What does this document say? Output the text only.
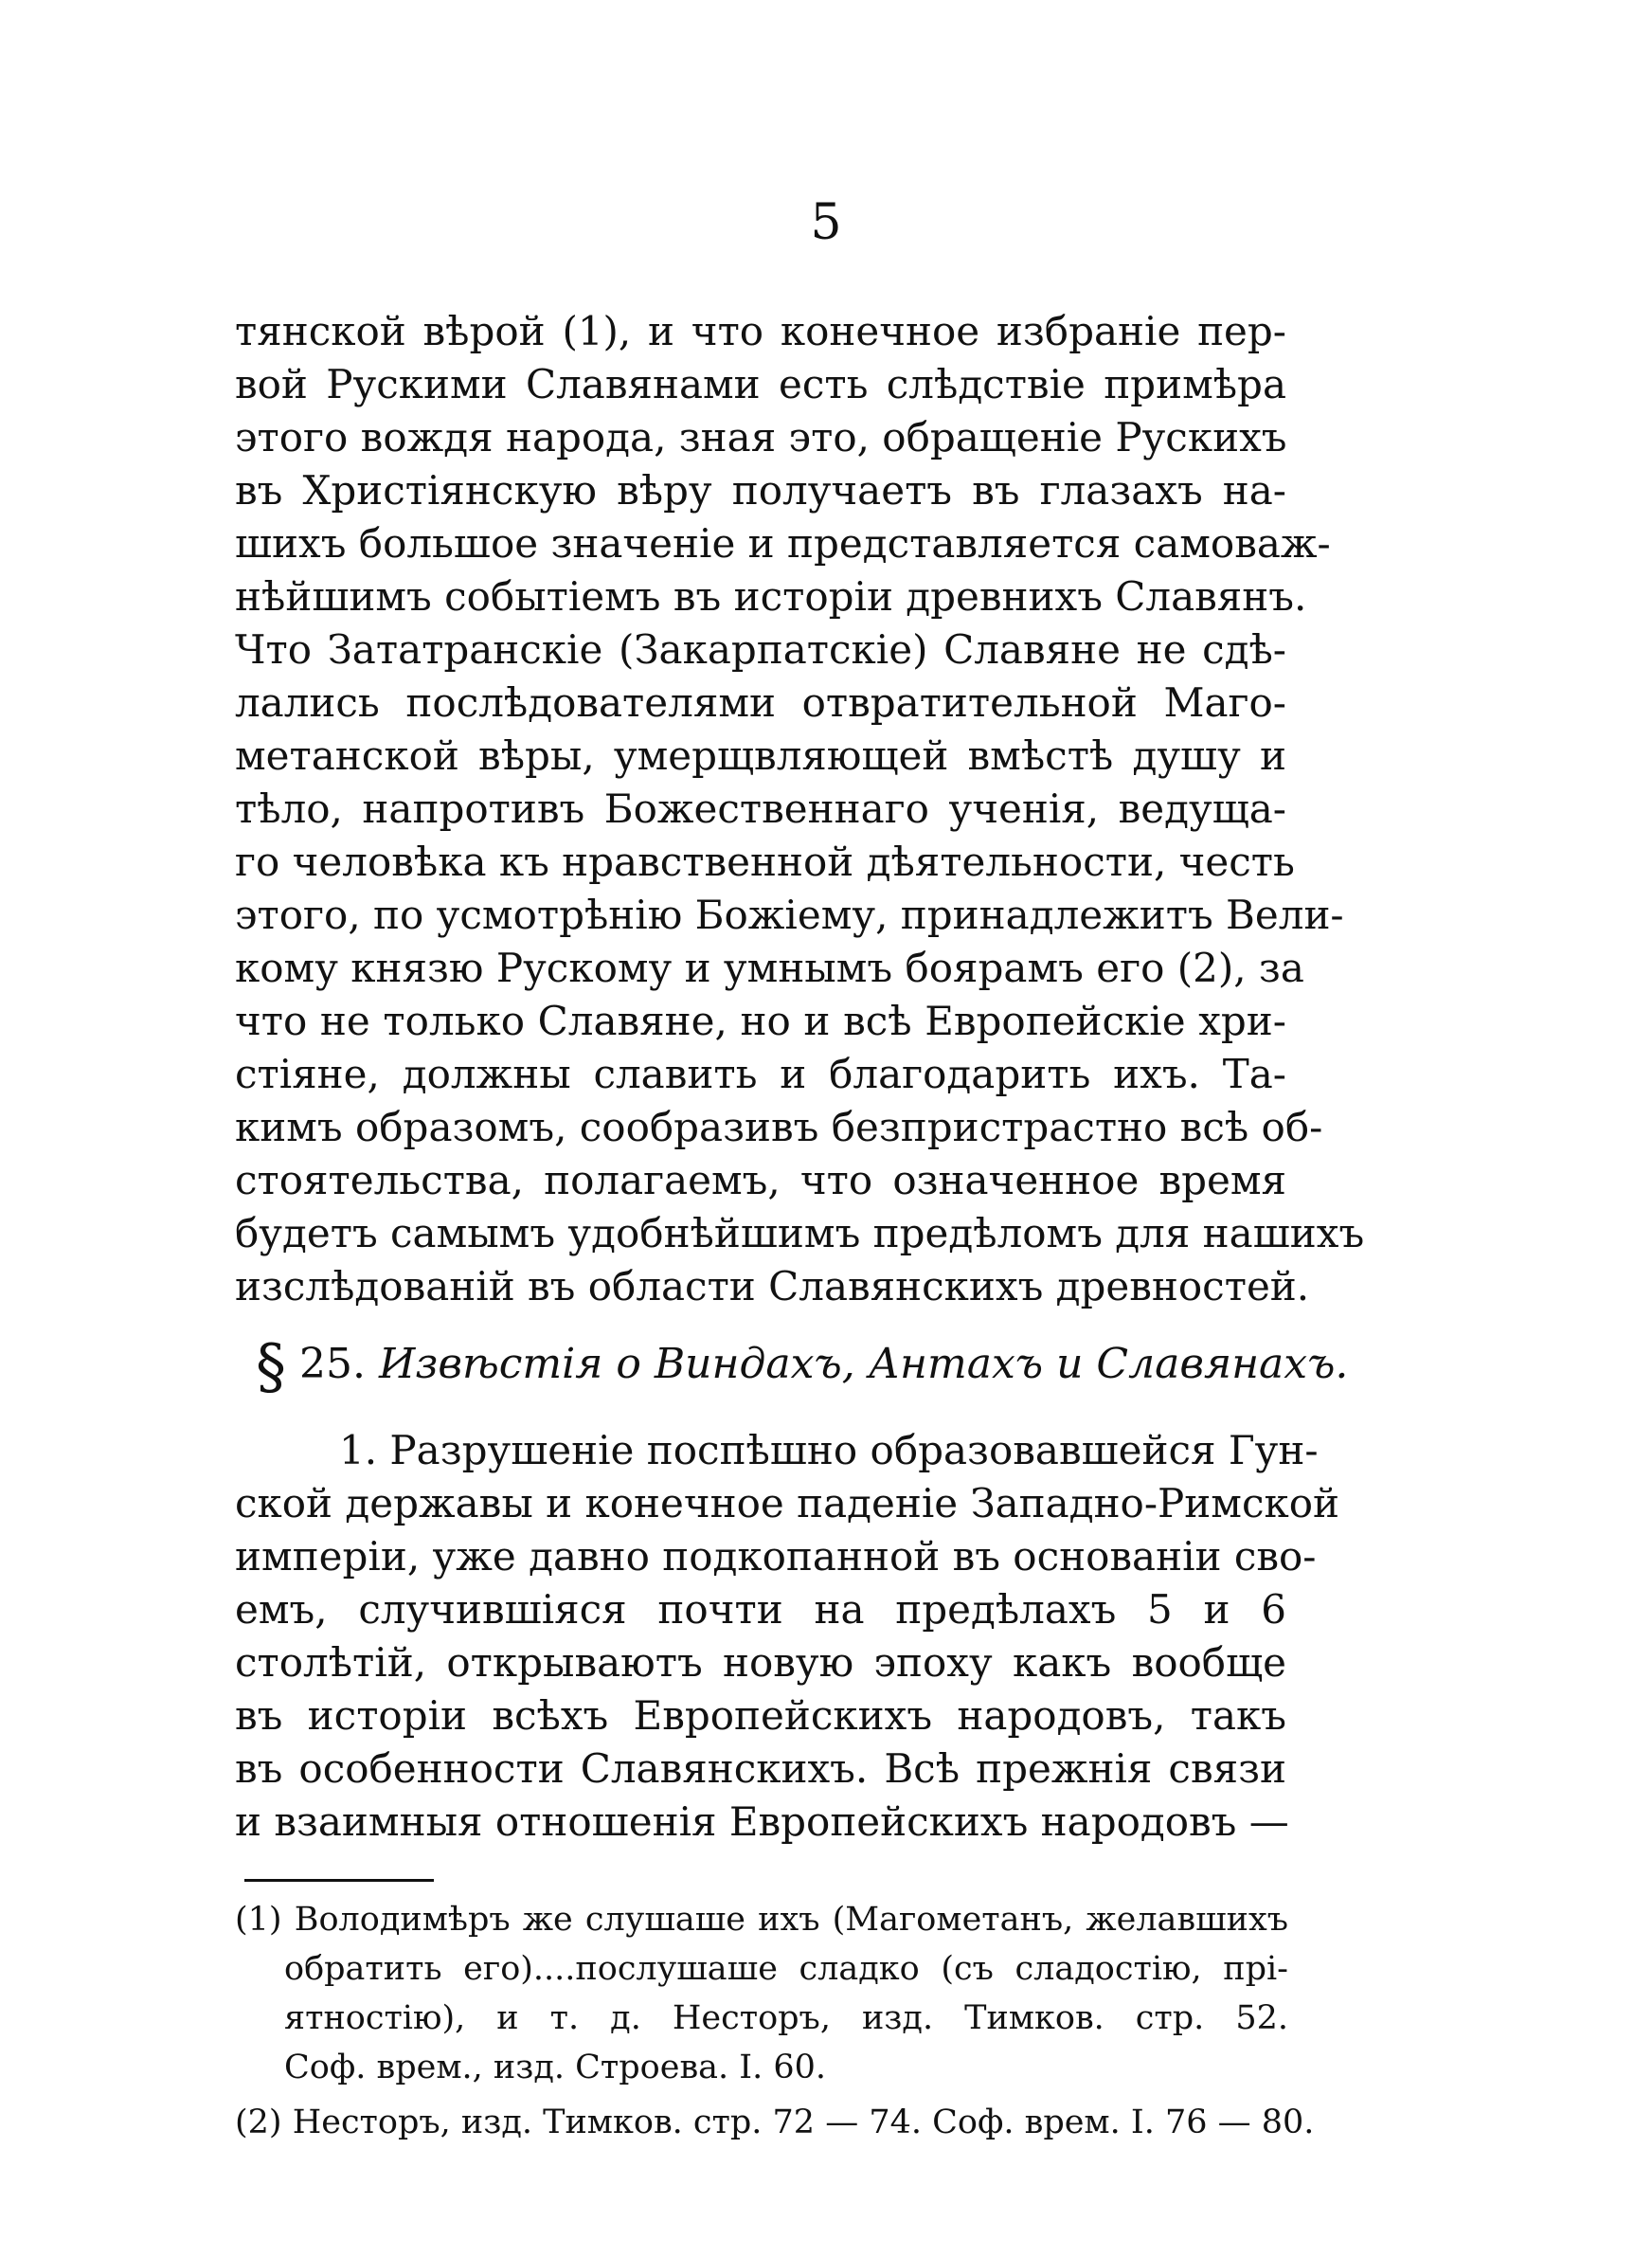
5
тянской вѣрой (1), и что конечное избраніе пер-
вой Рускими Славянами есть слѣдствіе примѣра
этого вождя народа, зная это, обращеніе Рускихъ
въ Христіянскую вѣру получаетъ въ глазахъ на-
шихъ большое значеніе и представляется самоваж-
нѣйшимъ событіемъ въ исторіи древнихъ Славянъ.
Что Зататранскіе (Закарпатскіе) Славяне не сдѣ-
лались послѣдователями отвратительной Маго-
метанской вѣры, умерщвляющей вмѣстѣ душу и
тѣло, напротивъ Божественнаго ученія, ведуща-
го человѣка къ нравственной дѣятельности, честь
этого, по усмотрѣнію Божіему, принадлежитъ Вели-
кому князю Рускому и умнымъ боярамъ его (2), за
что не только Славяне, но и всѣ Европейскіе хри-
стіяне, должны славить и благодарить ихъ. Та-
кимъ образомъ, сообразивъ безпристрастно всѣ об-
стоятельства, полагаемъ, что означенное время
будетъ самымъ удобнѣйшимъ предѣломъ для нашихъ
изслѣдованій въ области Славянскихъ древностей.
§ 25. Извѣстія о Виндахъ, Антахъ и Славянахъ.
1. Разрушеніе поспѣшно образовавшейся Гун-
ской державы и конечное паденіе Западно-Римской
имперіи, уже давно подкопанной въ основаніи сво-
емъ, случившіяся почти на предѣлахъ 5 и 6
столѣтій, открываютъ новую эпоху какъ вообще
въ исторіи всѣхъ Европейскихъ народовъ, такъ
въ особенности Славянскихъ. Всѣ прежнія связи
и взаимныя отношенія Европейскихъ народовъ —
(1) Володимѣръ же слушаше ихъ (Магометанъ, желавшихъ
обратить его)....послушаше сладко (съ сладостію, прі-
ятностію), и т. д. Несторъ, изд. Тимков. стр. 52.
Соф. врем., изд. Строева. I. 60.
(2) Несторъ, изд. Тимков. стр. 72 — 74. Соф. врем. I. 76 — 80.
